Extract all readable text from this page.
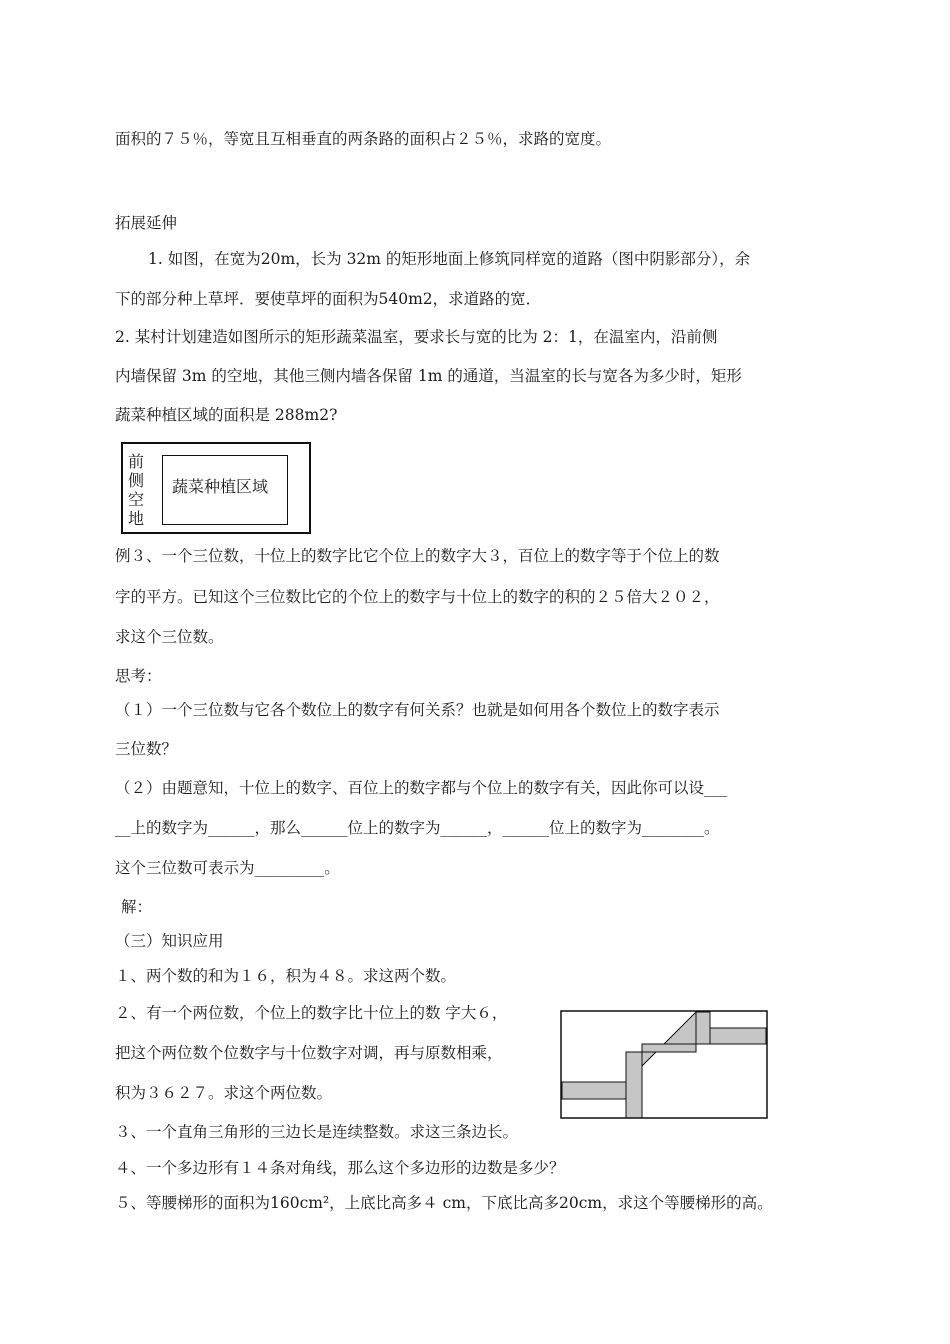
面积的７５％，等宽且互相垂直的两条路的面积占２５％，求路的宽度。
拓展延伸
1. 如图，在宽为20m，长为 32m 的矩形地面上修筑同样宽的道路（图中阴影部分），余
下的部分种上草坪．要使草坪的面积为540m2，求道路的宽．
2. 某村计划建造如图所示的矩形蔬菜温室，要求长与宽的比为 2：1，在温室内，沿前侧
内墙保留 3m 的空地，其他三侧内墙各保留 1m 的通道，当温室的长与宽各为多少时，矩形
蔬菜种植区域的面积是 288m2?
前侧空地
蔬菜种植区域
例３、一个三位数，十位上的数字比它个位上的数字大３，百位上的数字等于个位上的数
字的平方。已知这个三位数比它的个位上的数字与十位上的数字的积的２５倍大２０２，
求这个三位数。
思考：
（１）一个三位数与它各个数位上的数字有何关系？也就是如何用各个数位上的数字表示
三位数？
（２）由题意知，十位上的数字、百位上的数字都与个位上的数字有关，因此你可以设___
__上的数字为______，那么______位上的数字为______，______位上的数字为________。
这个三位数可表示为_________。
解：
（三）知识应用
１、两个数的和为１６，积为４８。求这两个数。
２、有一个两位数，个位上的数字比十位上的数 字大６，
把这个两位数个位数字与十位数字对调，再与原数相乘，
积为３６２７。求这个两位数。
３、一个直角三角形的三边长是连续整数。求这三条边长。
４、一个多边形有１４条对角线，那么这个多边形的边数是多少？
５、等腰梯形的面积为160cm²，上底比高多４ cm，下底比高多20cm，求这个等腰梯形的高。
